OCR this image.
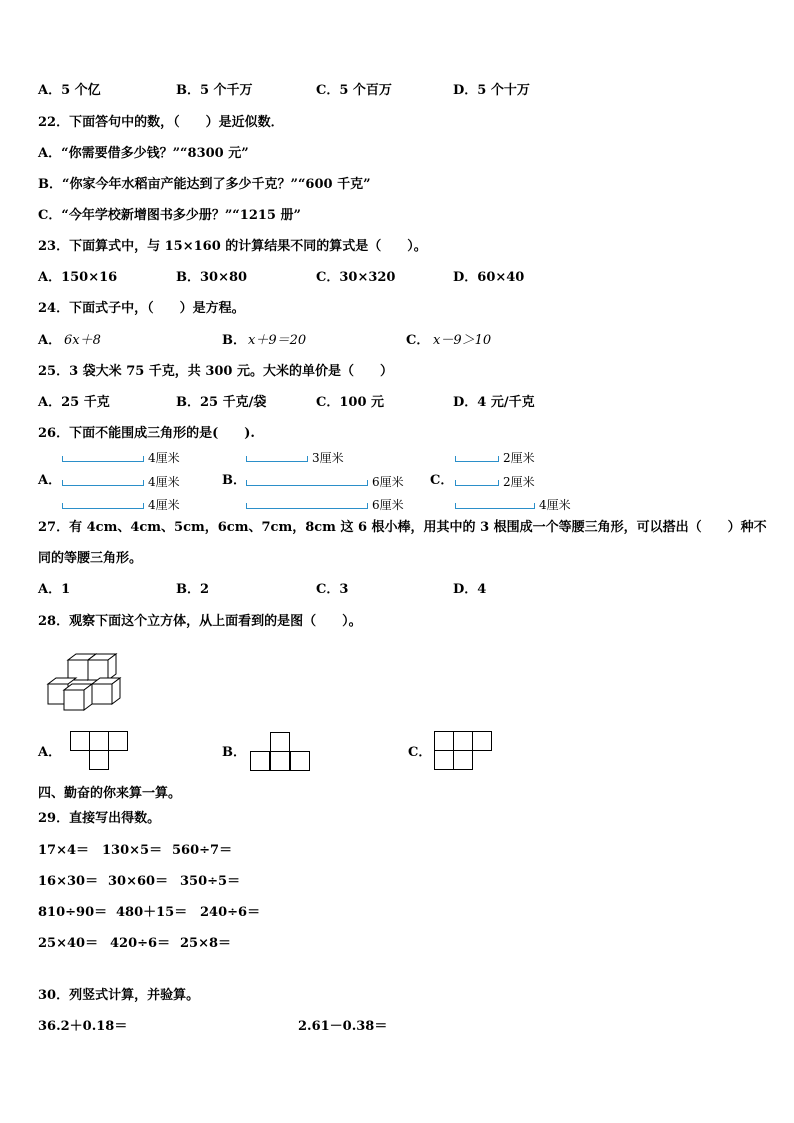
A．5 个亿	B．5 个千万	C．5 个百万	D．5 个十万
22．下面答句中的数，（　　）是近似数．
A．“你需要借多少钱？”“8300 元”
B．“你家今年水稻亩产能达到了多少千克？”“600 千克”
C．“今年学校新增图书多少册？”“1215 册”
23．下面算式中，与 15×160 的计算结果不同的算式是（　　）。
A．150×16	B．30×80	C．30×320	D．60×40
24．下面式子中，（　　）是方程。
A． 6x＋8	B． x＋9＝20	C． x－9＞10
25．3 袋大米 75 千克，共 300 元。大米的单价是（　　）
A．25 千克	B．25 千克/袋	C．100 元	D．4 元/千克
26．下面不能围成三角形的是(　　).
A．	B．	C．
4厘米
4厘米
4厘米
3厘米
6厘米
6厘米
2厘米
2厘米
4厘米
27．有 4cm、4cm、5cm，6cm、7cm，8cm 这 6 根小棒，用其中的 3 根围成一个等腰三角形，可以搭出（　　）种不
同的等腰三角形。
A．1	B．2	C．3	D．4
28．观察下面这个立方体，从上面看到的是图（　　）。
A．	B．	C．
四、勤奋的你来算一算。
29．直接写出得数。
17×4＝ 130×5＝ 560÷7＝
16×30＝ 30×60＝ 350÷5＝
810÷90＝ 480＋15＝ 240÷6＝
25×40＝ 420÷6＝ 25×8＝
30．列竖式计算，并验算。
36.2＋0.18＝	2.61－0.38＝
